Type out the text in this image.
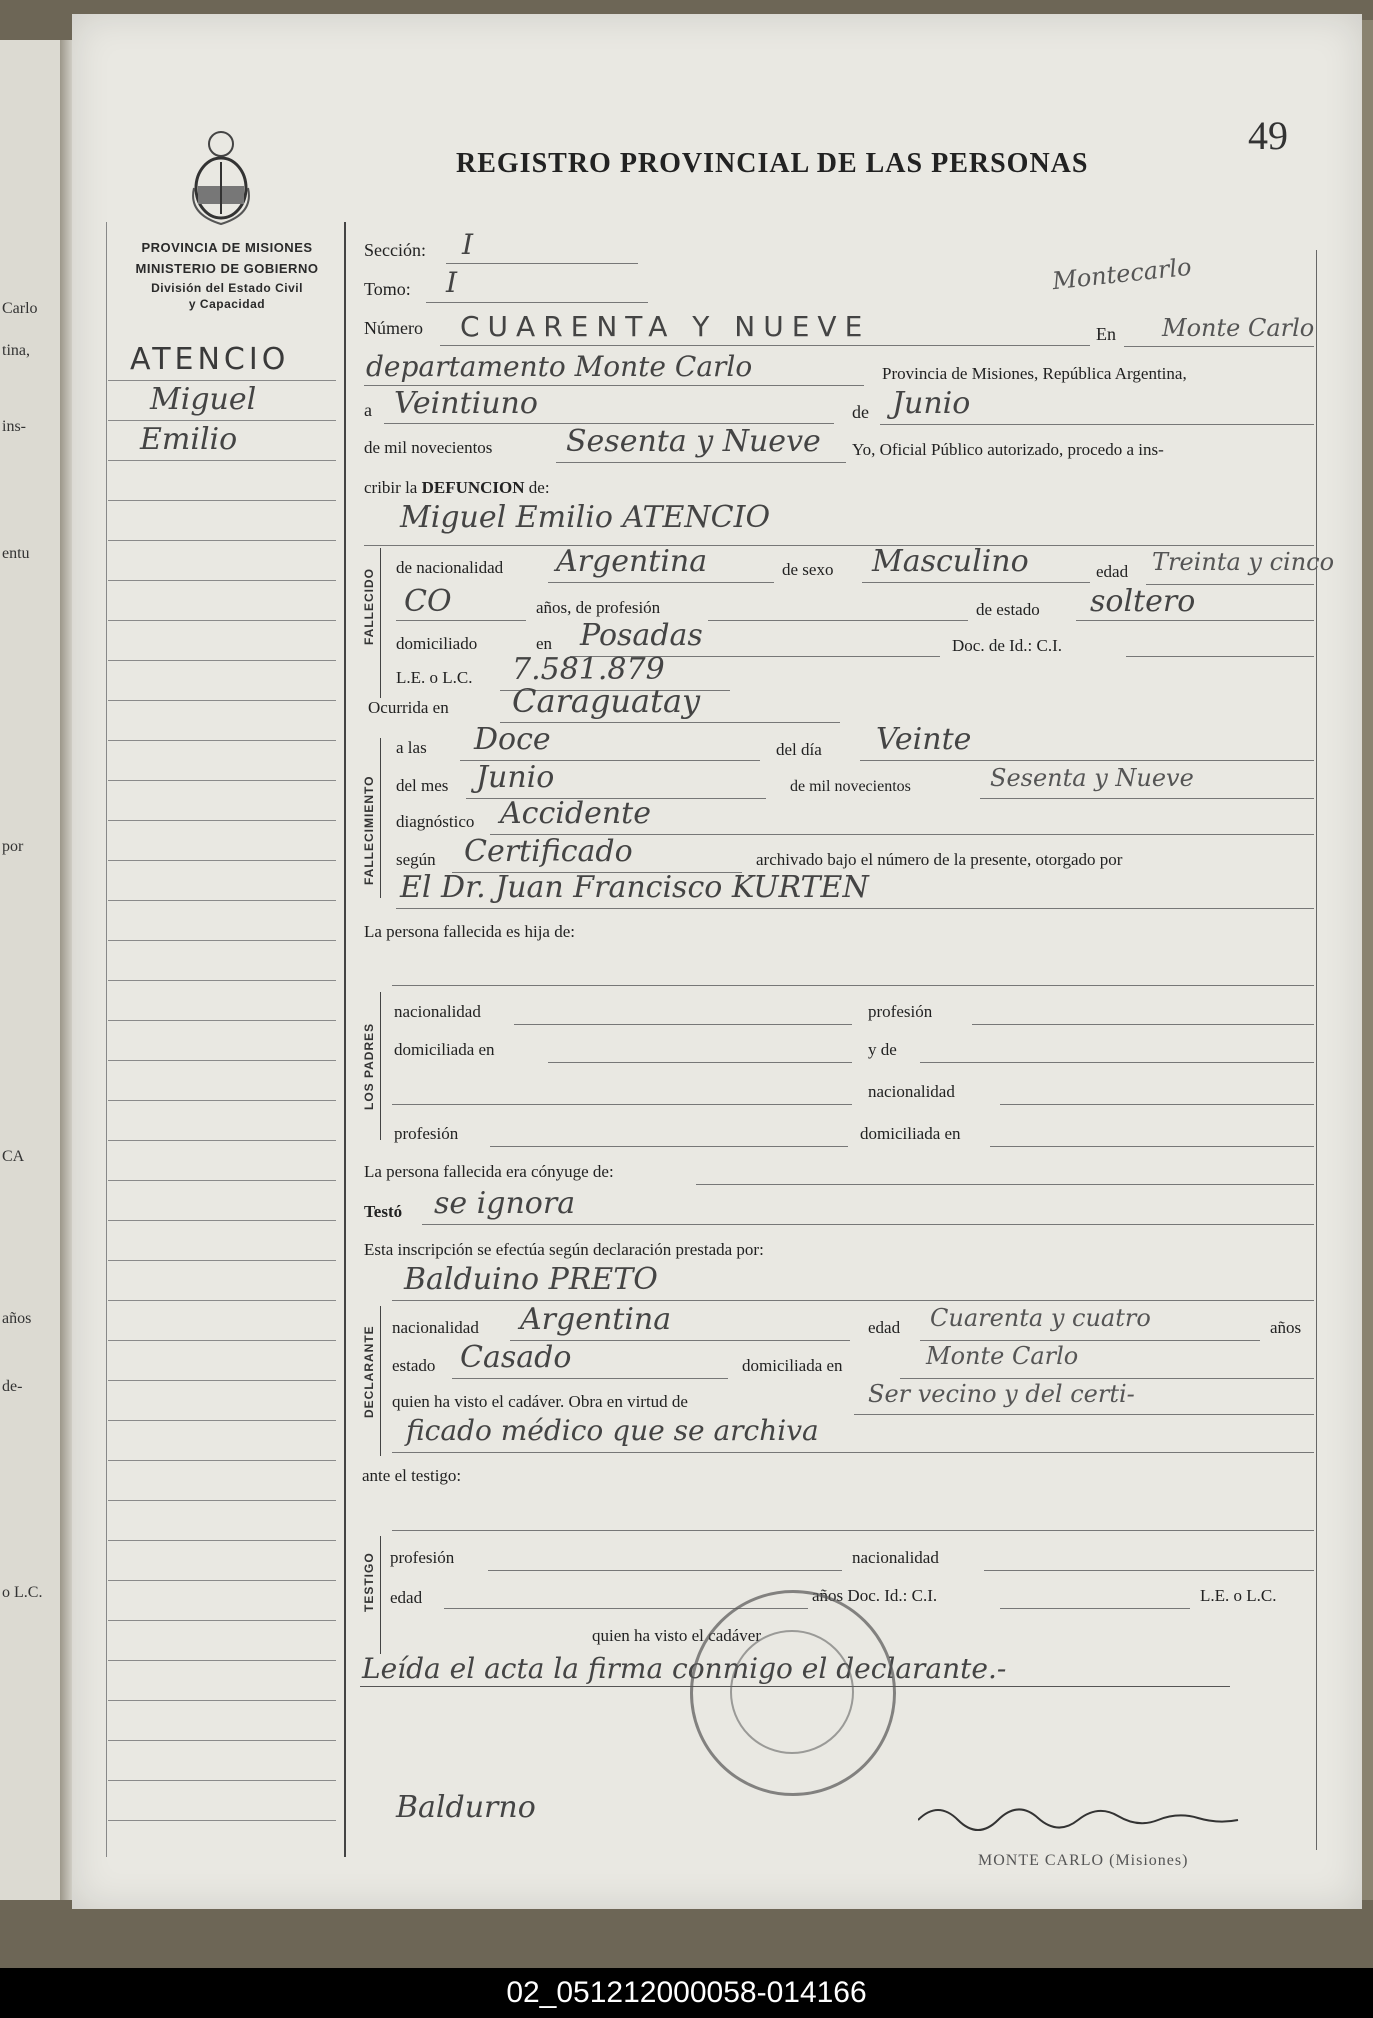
Carlo
tina,
ins-
entu
por
CA
años
de-
o L.C.
49
PROVINCIA DE MISIONES
MINISTERIO DE GOBIERNO
División del Estado Civil
y Capacidad
REGISTRO PROVINCIAL DE LAS PERSONAS
Montecarlo
ATENCIO
Miguel
Emilio
Sección: I
Tomo: I
Número CUARENTA Y NUEVE	En Monte Carlo
departamento Monte Carlo	Provincia de Misiones, República Argentina,
a Veintiuno	de Junio
de mil novecientos Sesenta y Nueve Yo, Oficial Público autorizado, procedo a ins-
cribir la DEFUNCION de:
Miguel Emilio ATENCIO
FALLECIDO
de nacionalidad Argentina	de sexo Masculino	edad Treinta y cinco
CO	años, de profesión	de estado soltero
domiciliado	en Posadas	Doc. de Id.: C.I.
L.E. o L.C. 7.581.879
Ocurrida en Caraguatay
FALLECIMIENTO
a las Doce	del día Veinte
del mes Junio	de mil novecientos	Sesenta y Nueve
diagnóstico Accidente
según Certificado	archivado bajo el número de la presente, otorgado por
El Dr. Juan Francisco KURTEN
La persona fallecida es hija de:
LOS PADRES
nacionalidad	profesión
domiciliada en	y de
nacionalidad
profesión	domiciliada en
La persona fallecida era cónyuge de:
Testó se ignora
Esta inscripción se efectúa según declaración prestada por:
Balduino PRETO
DECLARANTE nacionalidad Argentina	edad Cuarenta y cuatro	años
estado Casado	domiciliada en	Monte Carlo
quien ha visto el cadáver. Obra en virtud de	Ser vecino y del certi-
ficado médico que se archiva
ante el testigo:
TESTIGO profesión	nacionalidad
edad	años Doc. Id.: C.I.	L.E. o L.C.
quien ha visto el cadáver
Leída el acta la firma conmigo el declarante.-
Baldurno
MONTE CARLO (Misiones)
02_051212000058-014166
